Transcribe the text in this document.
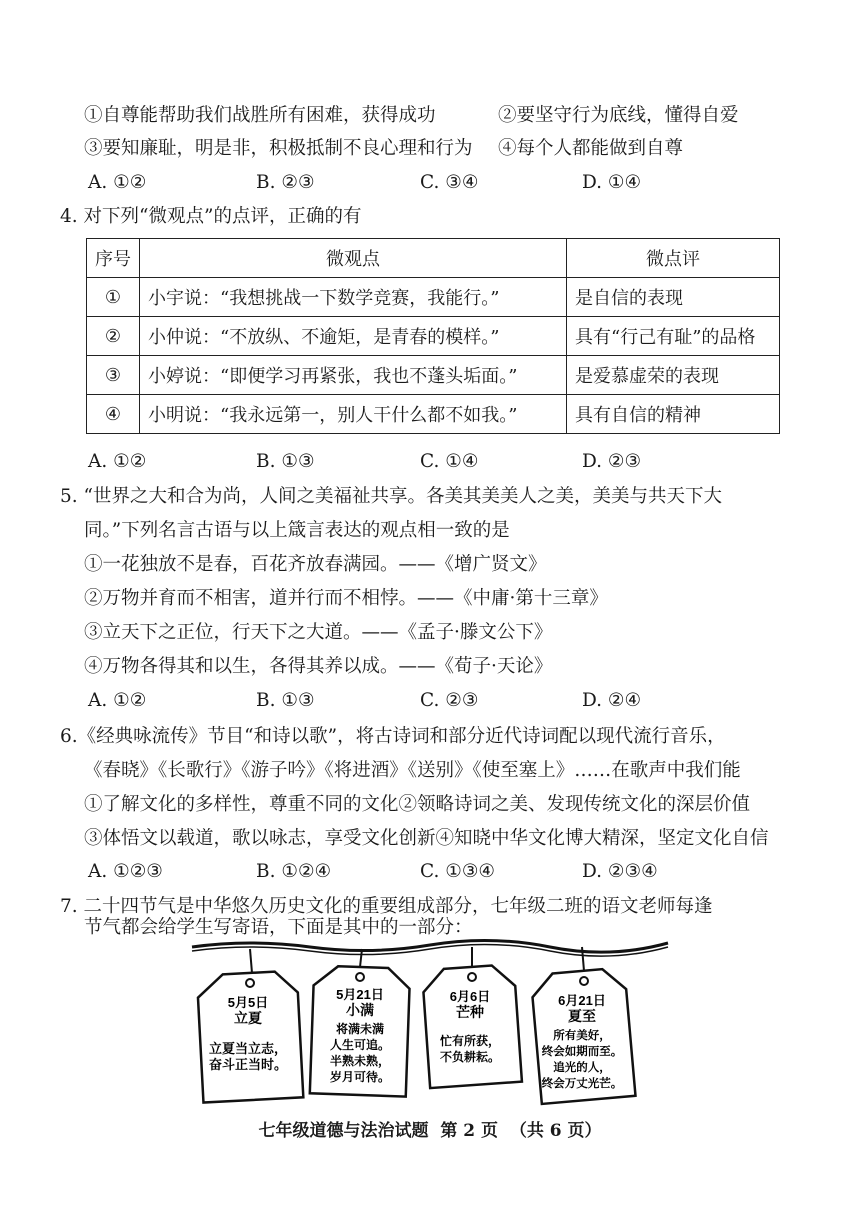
①自尊能帮助我们战胜所有困难，获得成功	②要坚守行为底线，懂得自爱
③要知廉耻，明是非，积极抵制不良心理和行为 ④每个人都能做到自尊
A. ①②	B. ②③	C. ③④	D. ①④
4. 对下列“微观点”的点评，正确的有
序号	微观点	微点评
①	小宇说：“我想挑战一下数学竞赛，我能行。”	是自信的表现
②	小仲说：“不放纵、不逾矩，是青春的模样。”	具有“行己有耻”的品格
③	小婷说：“即便学习再紧张，我也不蓬头垢面。”	是爱慕虚荣的表现
④	小明说：“我永远第一，别人干什么都不如我。”	具有自信的精神
A. ①②	B. ①③	C. ①④	D. ②③
5. “世界之大和合为尚，人间之美福祉共享。各美其美美人之美，美美与共天下大
同。”下列名言古语与以上箴言表达的观点相一致的是
①一花独放不是春，百花齐放春满园。——《增广贤文》
②万物并育而不相害，道并行而不相悖。——《中庸·第十三章》
③立天下之正位，行天下之大道。——《孟子·滕文公下》
④万物各得其和以生，各得其养以成。——《荀子·天论》
A. ①②	B. ①③	C. ②③	D. ②④
6.《经典咏流传》节目“和诗以歌”，将古诗词和部分近代诗词配以现代流行音乐，
《春晓》《长歌行》《游子吟》《将进酒》《送别》《使至塞上》……在歌声中我们能
①了解文化的多样性，尊重不同的文化②领略诗词之美、发现传统文化的深层价值
③体悟文以载道，歌以咏志，享受文化创新④知晓中华文化博大精深，坚定文化自信
A. ①②③	B. ①②④	C. ①③④	D. ②③④
7. 二十四节气是中华悠久历史文化的重要组成部分，七年级二班的语文老师每逢
节气都会给学生写寄语，下面是其中的一部分：
5月5日
立夏
立夏当立志，
奋斗正当时。
5月21日
小满
将满未满
人生可追。
半熟未熟，
岁月可待。
6月6日
芒种
忙有所获，
不负耕耘。
6月21日
夏至
所有美好，
终会如期而至。
追光的人，
终会万丈光芒。
七年级道德与法治试题  第 2 页  （共 6 页）
